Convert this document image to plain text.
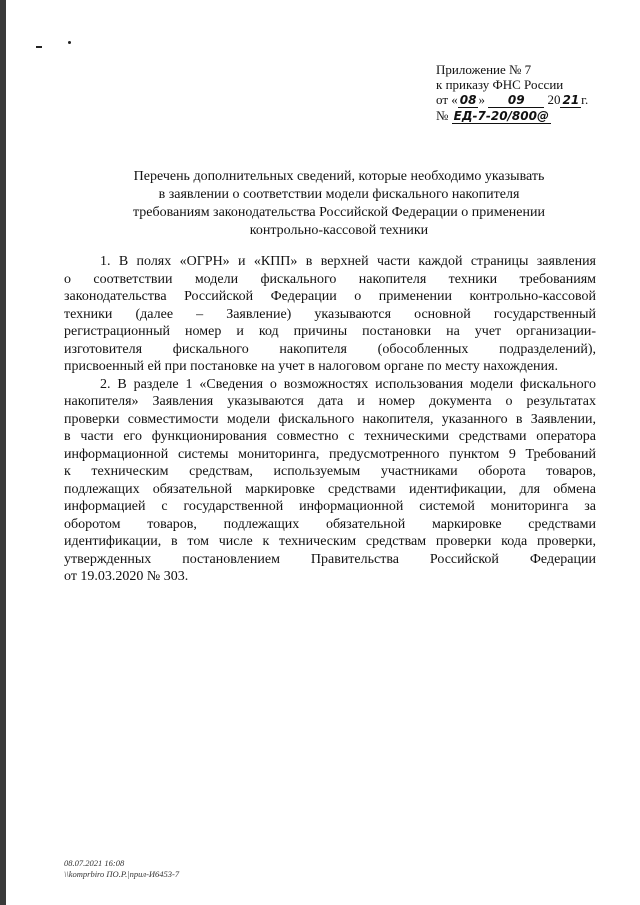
Приложение № 7
к приказу ФНС России
от « 08 » 09 20 21 г.
№ ЕД-7-20/800@
Перечень дополнительных сведений, которые необходимо указывать
в заявлении о соответствии модели фискального накопителя
требованиям законодательства Российской Федерации о применении
контрольно-кассовой техники
1. В полях «ОГРН» и «КПП» в верхней части каждой страницы заявления
о соответствии модели фискального накопителя техники требованиям
законодательства Российской Федерации о применении контрольно-кассовой
техники (далее – Заявление) указываются основной государственный
регистрационный номер и код причины постановки на учет организации-
изготовителя фискального накопителя (обособленных подразделений),
присвоенный ей при постановке на учет в налоговом органе по месту нахождения.
2. В разделе 1 «Сведения о возможностях использования модели фискального
накопителя» Заявления указываются дата и номер документа о результатах
проверки совместимости модели фискального накопителя, указанного в Заявлении,
в части его функционирования совместно с техническими средствами оператора
информационной системы мониторинга, предусмотренного пунктом 9 Требований
к техническим средствам, используемым участниками оборота товаров,
подлежащих обязательной маркировке средствами идентификации, для обмена
информацией с государственной информационной системой мониторинга за
оборотом товаров, подлежащих обязательной маркировке средствами
идентификации, в том числе к техническим средствам проверки кода проверки,
утвержденных постановлением Правительства Российской Федерации
от 19.03.2020 № 303.
08.07.2021 16:08
\\komprbiro ПО.Р.|прил-И6453-7
